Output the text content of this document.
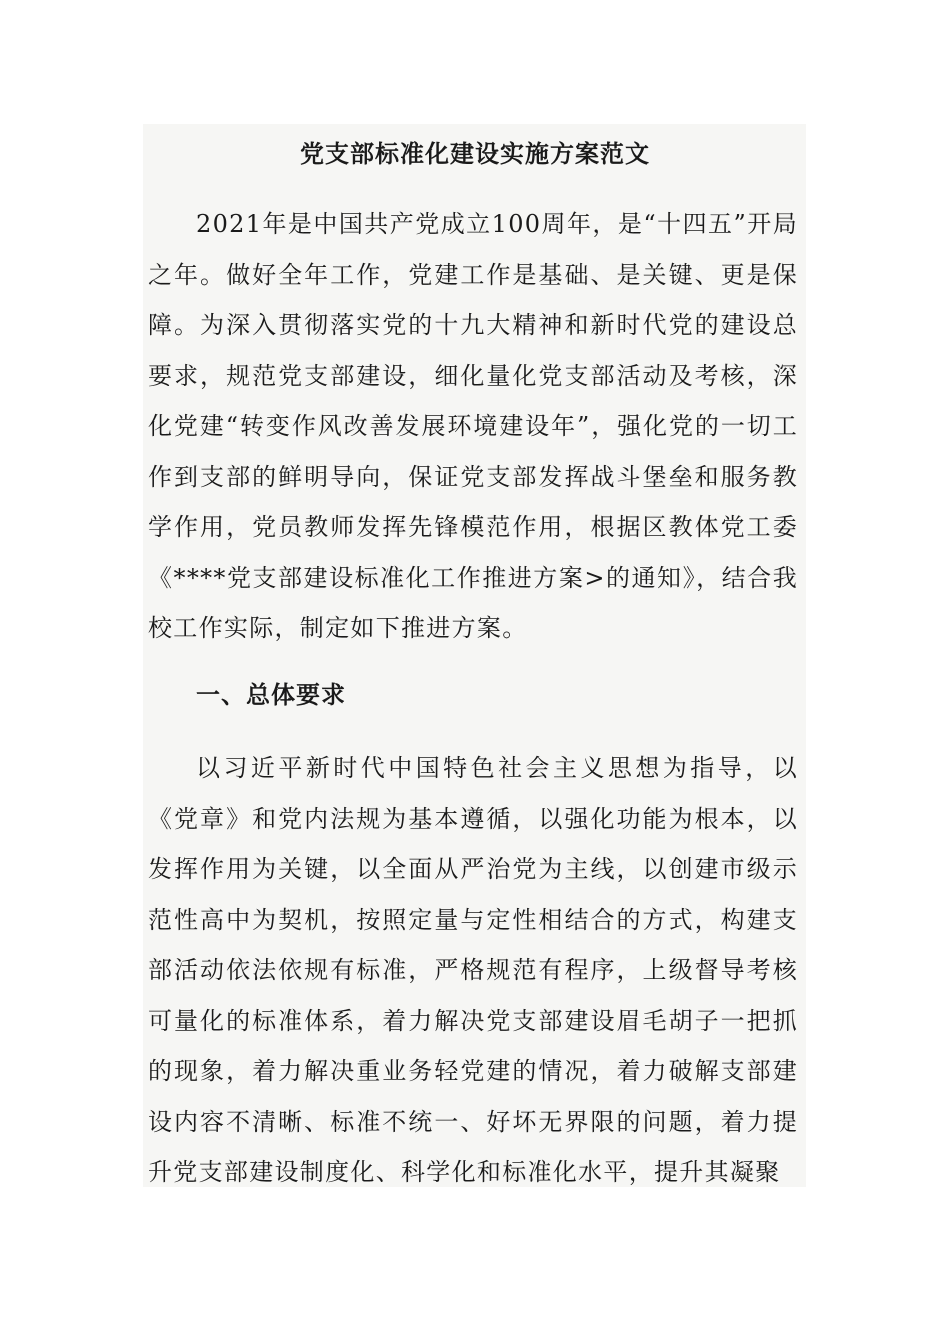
党支部标准化建设实施方案范文

2021年是中国共产党成立100周年，是“十四五”开局之年。做好全年工作，党建工作是基础、是关键、更是保障。为深入贯彻落实党的十九大精神和新时代党的建设总要求，规范党支部建设，细化量化党支部活动及考核，深化党建“转变作风改善发展环境建设年”，强化党的一切工作到支部的鲜明导向，保证党支部发挥战斗堡垒和服务教学作用，党员教师发挥先锋模范作用，根据区教体党工委《****党支部建设标准化工作推进方案>的通知》，结合我校工作实际，制定如下推进方案。

一、总体要求

以习近平新时代中国特色社会主义思想为指导，以《党章》和党内法规为基本遵循，以强化功能为根本，以发挥作用为关键，以全面从严治党为主线，以创建市级示范性高中为契机，按照定量与定性相结合的方式，构建支部活动依法依规有标准，严格规范有程序，上级督导考核可量化的标准体系，着力解决党支部建设眉毛胡子一把抓的现象，着力解决重业务轻党建的情况，着力破解支部建设内容不清晰、标准不统一、好坏无界限的问题，着力提升党支部建设制度化、科学化和标准化水平，提升其凝聚
